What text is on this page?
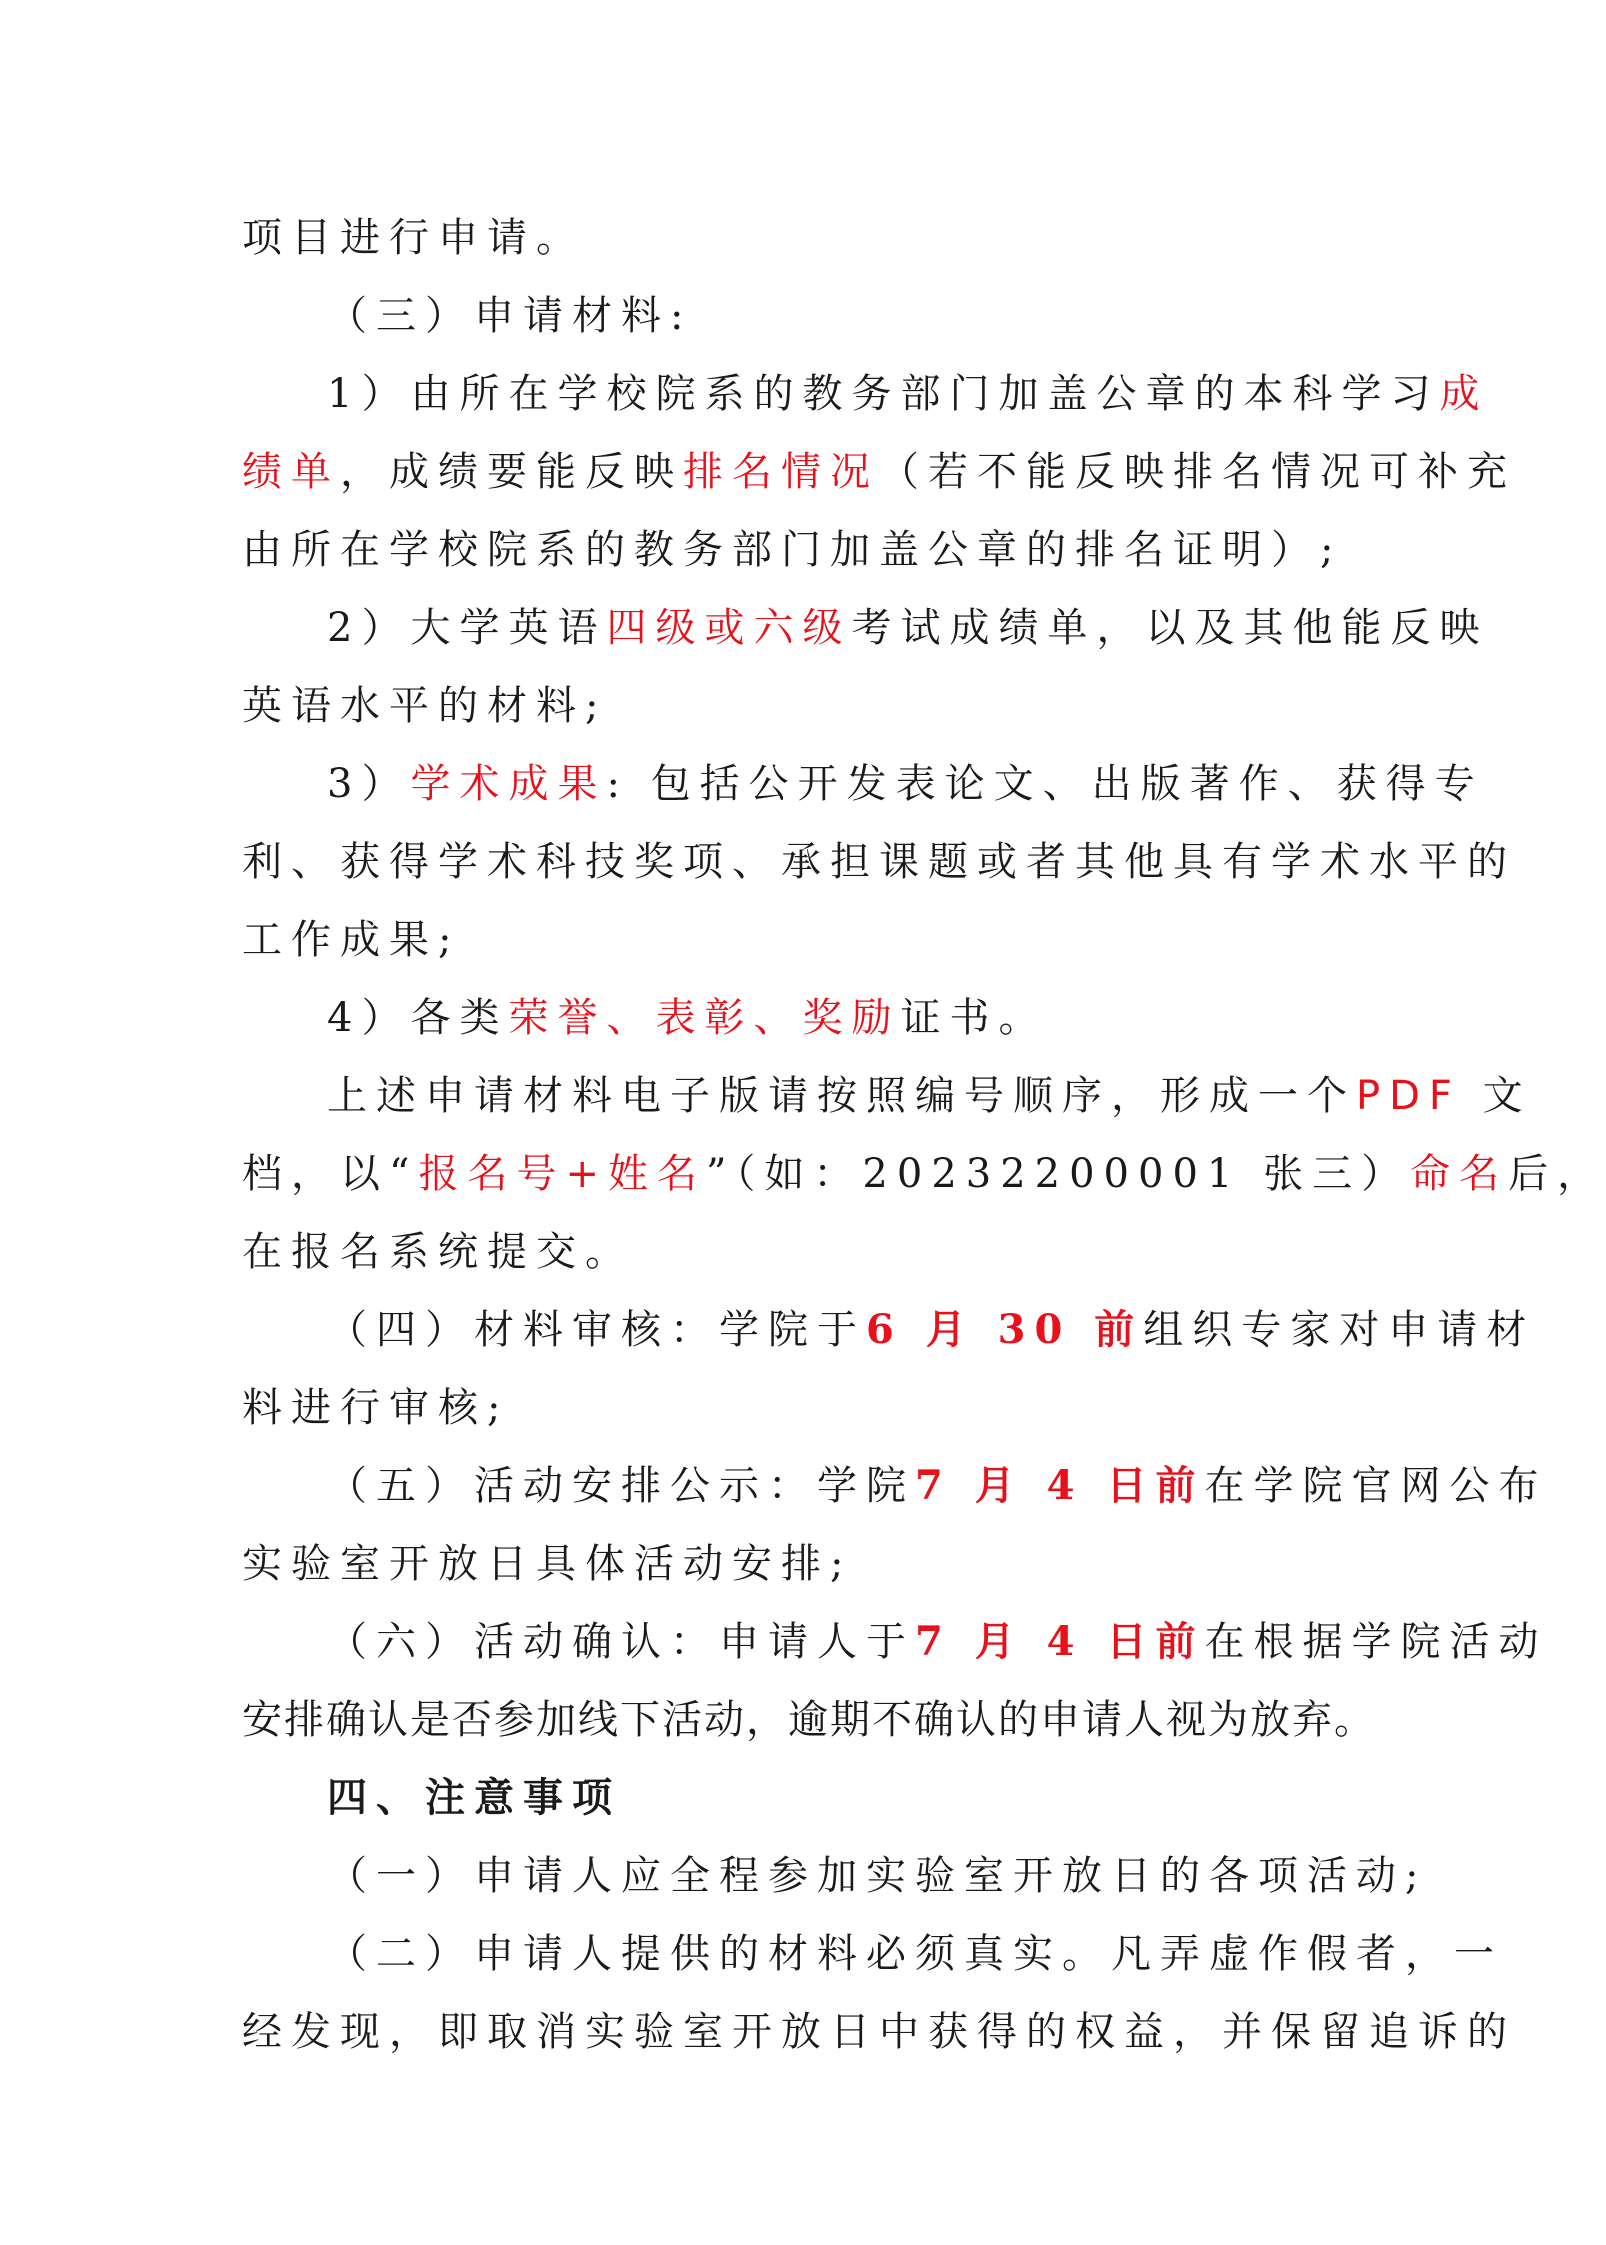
项目进行申请。
（三）申请材料:
1）由所在学校院系的教务部门加盖公章的本科学习成
绩单，成绩要能反映排名情况（若不能反映排名情况可补充
由所在学校院系的教务部门加盖公章的排名证明）;
2）大学英语四级或六级考试成绩单，以及其他能反映
英语水平的材料;
3）学术成果: 包括公开发表论文、出版著作、获得专
利、获得学术科技奖项、承担课题或者其他具有学术水平的
工作成果;
4）各类荣誉、表彰、奖励证书。
上述申请材料电子版请按照编号顺序，形成一个PDF 文
档，以“报名号+姓名”（如：20232200001 张三）命名后，
在报名系统提交。
（四）材料审核：学院于6 月 30 前组织专家对申请材
料进行审核;
（五）活动安排公示：学院7 月 4 日前在学院官网公布
实验室开放日具体活动安排;
（六）活动确认：申请人于7 月 4 日前在根据学院活动
安排确认是否参加线下活动，逾期不确认的申请人视为放弃。
四、注意事项
（一）申请人应全程参加实验室开放日的各项活动;
（二）申请人提供的材料必须真实。凡弄虚作假者，一
经发现，即取消实验室开放日中获得的权益，并保留追诉的
